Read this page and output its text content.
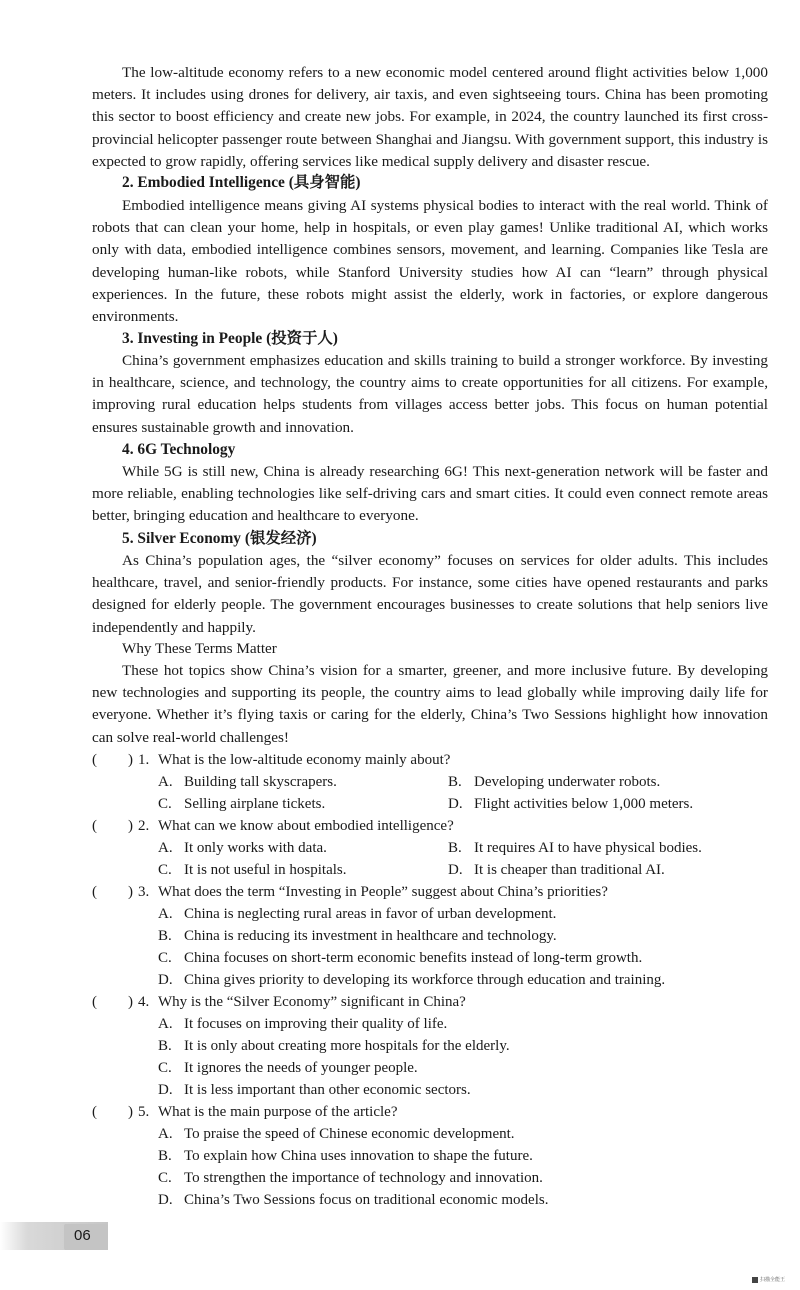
The low-altitude economy refers to a new economic model centered around flight activities below 1,000 meters. It includes using drones for delivery, air taxis, and even sightseeing tours. China has been promoting this sector to boost efficiency and create new jobs. For example, in 2024, the country launched its first cross-provincial helicopter passenger route between Shanghai and Jiangsu. With government support, this industry is expected to grow rapidly, offering services like medical supply delivery and disaster rescue.
2. Embodied Intelligence (具身智能)
Embodied intelligence means giving AI systems physical bodies to interact with the real world. Think of robots that can clean your home, help in hospitals, or even play games! Unlike traditional AI, which works only with data, embodied intelligence combines sensors, movement, and learning. Companies like Tesla are developing human-like robots, while Stanford University studies how AI can “learn” through physical experiences. In the future, these robots might assist the elderly, work in factories, or explore dangerous environments.
3. Investing in People (投资于人)
China’s government emphasizes education and skills training to build a stronger workforce. By investing in healthcare, science, and technology, the country aims to create opportunities for all citizens. For example, improving rural education helps students from villages access better jobs. This focus on human potential ensures sustainable growth and innovation.
4. 6G Technology
While 5G is still new, China is already researching 6G! This next-generation network will be faster and more reliable, enabling technologies like self-driving cars and smart cities. It could even connect remote areas better, bringing education and healthcare to everyone.
5. Silver Economy (银发经济)
As China’s population ages, the “silver economy” focuses on services for older adults. This includes healthcare, travel, and senior-friendly products. For instance, some cities have opened restaurants and parks designed for elderly people. The government encourages businesses to create solutions that help seniors live independently and happily.
Why These Terms Matter
These hot topics show China’s vision for a smarter, greener, and more inclusive future. By developing new technologies and supporting its people, the country aims to lead globally while improving daily life for everyone. Whether it’s flying taxis or caring for the elderly, China’s Two Sessions highlight how innovation can solve real-world challenges!
( ) 1. What is the low-altitude economy mainly about?
A. Building tall skyscrapers.	B. Developing underwater robots.
C. Selling airplane tickets.	D. Flight activities below 1,000 meters.
( ) 2. What can we know about embodied intelligence?
A. It only works with data.	B. It requires AI to have physical bodies.
C. It is not useful in hospitals.	D. It is cheaper than traditional AI.
( ) 3. What does the term “Investing in People” suggest about China’s priorities?
A. China is neglecting rural areas in favor of urban development.
B. China is reducing its investment in healthcare and technology.
C. China focuses on short-term economic benefits instead of long-term growth.
D. China gives priority to developing its workforce through education and training.
( ) 4. Why is the “Silver Economy” significant in China?
A. It focuses on improving their quality of life.
B. It is only about creating more hospitals for the elderly.
C. It ignores the needs of younger people.
D. It is less important than other economic sectors.
( ) 5. What is the main purpose of the article?
A. To praise the speed of Chinese economic development.
B. To explain how China uses innovation to shape the future.
C. To strengthen the importance of technology and innovation.
D. China’s Two Sessions focus on traditional economic models.
06
扫描全能王
